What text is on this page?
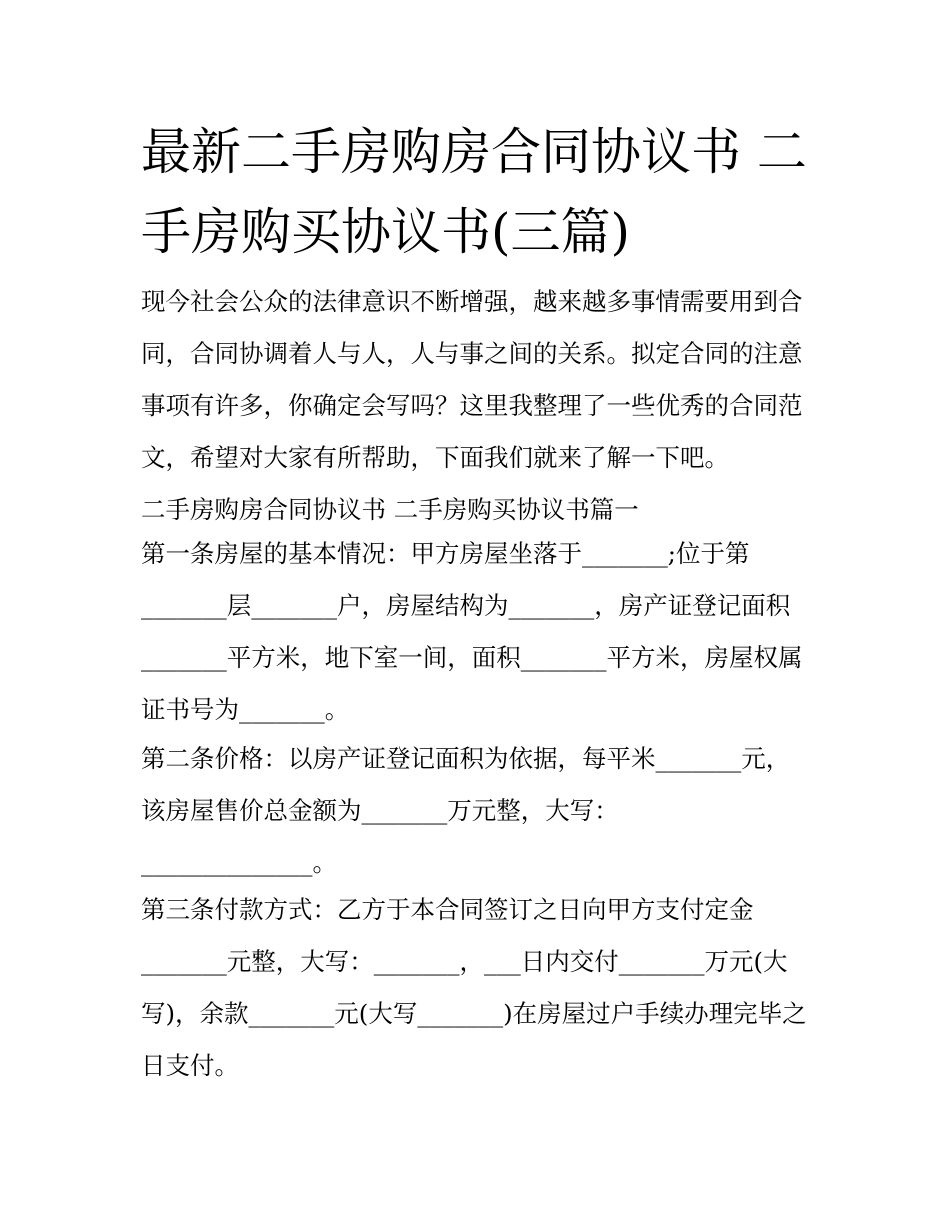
最新二手房购房合同协议书 二
手房购买协议书(三篇)

现今社会公众的法律意识不断增强，越来越多事情需要用到合
同，合同协调着人与人，人与事之间的关系。拟定合同的注意
事项有许多，你确定会写吗？这里我整理了一些优秀的合同范
文，希望对大家有所帮助，下面我们就来了解一下吧。

二手房购房合同协议书 二手房购买协议书篇一

第一条房屋的基本情况：甲方房屋坐落于_______;位于第
_______层_______户，房屋结构为_______，房产证登记面积
_______平方米，地下室一间，面积_______平方米，房屋权属
证书号为_______。

第二条价格：以房产证登记面积为依据，每平米_______元，
该房屋售价总金额为_______万元整，大写：
______________。

第三条付款方式：乙方于本合同签订之日向甲方支付定金
_______元整，大写：_______，___日内交付_______万元(大
写)，余款_______元(大写_______)在房屋过户手续办理完毕之
日支付。
